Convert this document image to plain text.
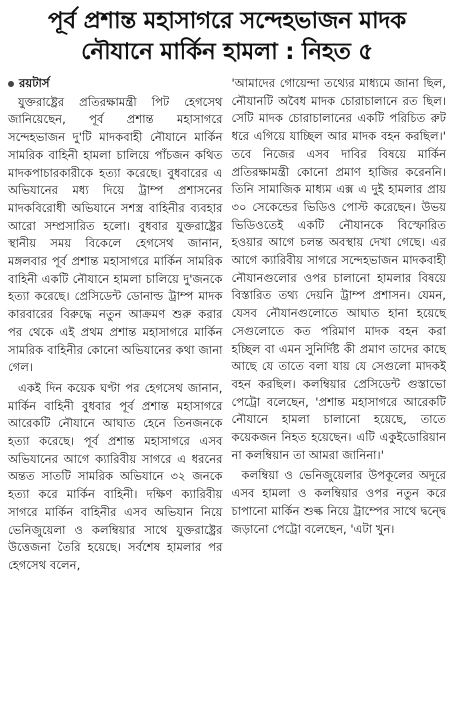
পূর্ব প্রশান্ত মহাসাগরে সন্দেহভাজন মাদক
নৌযানে মার্কিন হামলা : নিহত ৫
রয়টার্স

যুক্তরাষ্ট্রের প্রতিরক্ষামন্ত্রী পিট হেগসেথ জানিয়েছেন, পূর্ব প্রশান্ত মহাসাগরে সন্দেহভাজন দু'টি মাদকবাহী নৌযানে মার্কিন সামরিক বাহিনী হামলা চালিয়ে পাঁচজন কথিত মাদকপাচারকারীকে হত্যা করেছে। বুধবারের এ অভিযানের মধ্য দিয়ে ট্রাম্প প্রশাসনের মাদকবিরোধী অভিযানে সশস্ত্র বাহিনীর ব্যবহার আরো সম্প্রসারিত হলো। বুধবার যুক্তরাষ্ট্রের স্থানীয় সময় বিকেলে হেগসেথ জানান, মঙ্গলবার পূর্ব প্রশান্ত মহাসাগরে মার্কিন সামরিক বাহিনী একটি নৌযানে হামলা চালিয়ে দু'জনকে হত্যা করেছে। প্রেসিডেন্ট ডোনাল্ড ট্রাম্প মাদক কারবারের বিরুদ্ধে নতুন আক্রমণ শুরু করার পর থেকে এই প্রথম প্রশান্ত মহাসাগরে মার্কিন সামরিক বাহিনীর কোনো অভিযানের কথা জানা গেল।

একই দিন কয়েক ঘণ্টা পর হেগসেথ জানান, মার্কিন বাহিনী বুধবার পূর্ব প্রশান্ত মহাসাগরে আরেকটি নৌযানে আঘাত হেনে তিনজনকে হত্যা করেছে। পূর্ব প্রশান্ত মহাসাগরে এসব অভিযানের আগে ক্যারিবীয় সাগরে এ ধরনের অন্তত সাতটি সামরিক অভিযানে ৩২ জনকে হত্যা করে মার্কিন বাহিনী। দক্ষিণ ক্যারিবীয় সাগরে মার্কিন বাহিনীর এসব অভিযান নিয়ে ভেনিজুয়েলা ও কলম্বিয়ার সাথে যুক্তরাষ্ট্রের উত্তেজনা তৈরি হয়েছে। সর্বশেষ হামলার পর হেগসেথ বলেন,

'আমাদের গোয়েন্দা তথ্যের মাধ্যমে জানা ছিল, নৌযানটি অবৈধ মাদক চোরাচালানে রত ছিল। সেটি মাদক চোরাচালানের একটি পরিচিত রুট ধরে এগিয়ে যাচ্ছিল আর মাদক বহন করছিল।' তবে নিজের এসব দাবির বিষয়ে মার্কিন প্রতিরক্ষামন্ত্রী কোনো প্রমাণ হাজির করেননি। তিনি সামাজিক মাধ্যম এক্স এ দুই হামলার প্রায় ৩০ সেকেন্ডের ভিডিও পোস্ট করেছেন। উভয় ভিডিওতেই একটি নৌযানকে বিস্ফোরিত হওয়ার আগে চলন্ত অবস্থায় দেখা গেছে। এর আগে ক্যারিবীয় সাগরে সন্দেহভাজন মাদকবাহী নৌযানগুলোর ওপর চালানো হামলার বিষয়ে বিস্তারিত তথ্য দেয়নি ট্রাম্প প্রশাসন। যেমন, যেসব নৌযানগুলোতে আঘাত হানা হয়েছে সেগুলোতে কত পরিমাণ মাদক বহন করা হচ্ছিল বা এমন সুনির্দিষ্ট কী প্রমাণ তাদের কাছে আছে যে তাতে বলা যায় যে সেগুলো মাদকই বহন করছিল। কলম্বিয়ার প্রেসিডেন্ট গুস্তাভো পেট্রো বলেছেন, 'প্রশান্ত মহাসাগরে আরেকটি নৌযানে হামলা চালানো হয়েছে, তাতে কয়েকজন নিহত হয়েছেন। এটি একুইডোরিয়ান না কলম্বিয়ান তা আমরা জানিনা।'

কলম্বিয়া ও ভেনিজুয়েলার উপকূলের অদূরে এসব হামলা ও কলম্বিয়ার ওপর নতুন করে চাপানো মার্কিন শুল্ক নিয়ে ট্রাম্পের সাথে দ্বন্দ্বে জড়ানো পেট্রো বলেছেন, 'এটা খুন।
